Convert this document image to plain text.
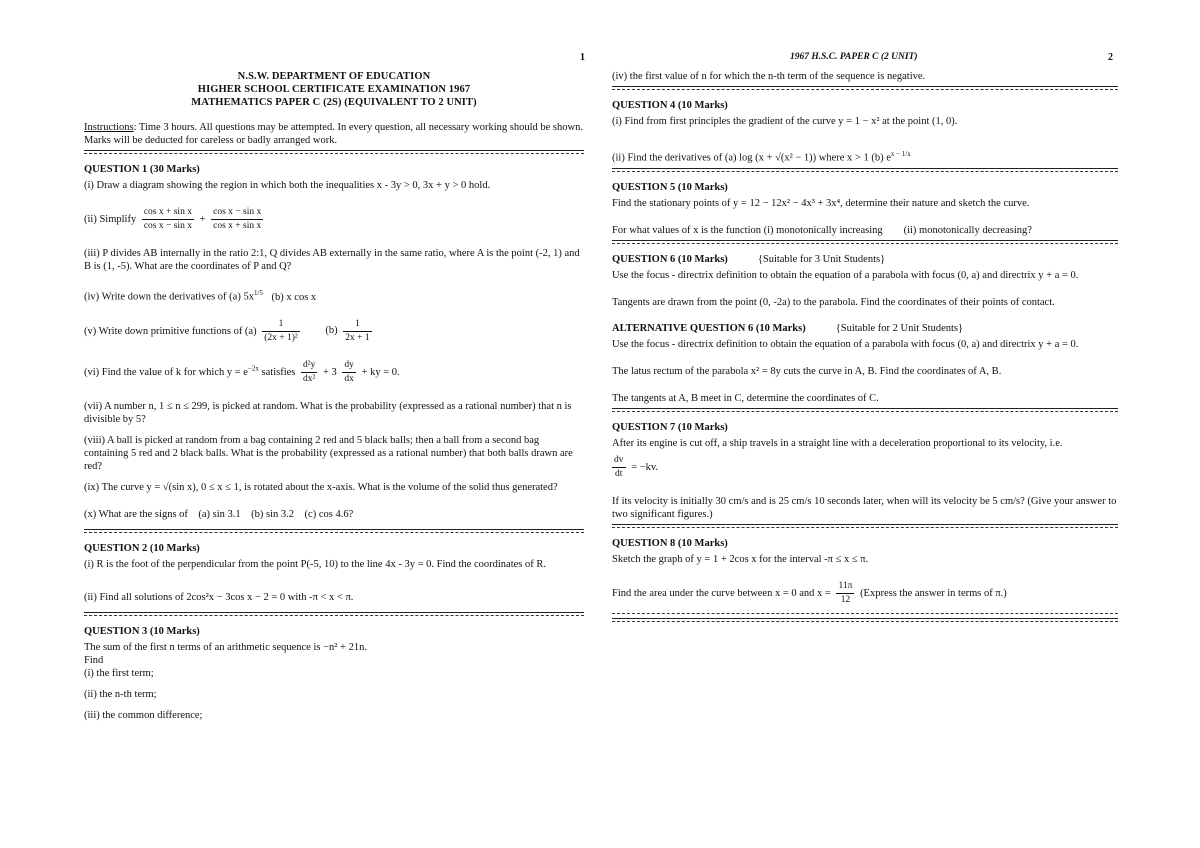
1	2
1967 H.S.C. PAPER C (2 UNIT)
N.S.W. DEPARTMENT OF EDUCATION
HIGHER SCHOOL CERTIFICATE EXAMINATION 1967
MATHEMATICS PAPER C (2S) (EQUIVALENT TO 2 UNIT)
Instructions: Time 3 hours. All questions may be attempted. In every question, all necessary working should be shown. Marks will be deducted for careless or badly arranged work.
QUESTION 1 (30 Marks)
(i) Draw a diagram showing the region in which both the inequalities x - 3y > 0, 3x + y > 0 hold.
(ii) Simplify $\frac{\text{cos x + sin x}}{\text{cos x − sin x}} + \frac{\text{cos x − sin x}}{\text{cos x + sin x}}$
(iii) P divides AB internally in the ratio 2:1, Q divides AB externally in the same ratio, where A is the point (-2, 1) and B is (1, -5). What are the coordinates of P and Q?
(iv) Write down the derivatives of (a) $5x^{1/5}$ (b) x cos x
(v) Write down primitive functions of $(a) \frac{1}{\text{(2x + 1)²}} (b) \frac{1}{2x + 1}$
(vi) Find the value of k for which $y = e^{-2x}$ satisfies $\frac{\text{d²y}}{\text{dx²}} + 3 \frac{dy}{dx}$ + ky = 0.
(vii) A number n, 1 ≤ n ≤ 299, is picked at random. What is the probability (expressed as a rational number) that n is divisible by 5?
(viii) A ball is picked at random from a bag containing 2 red and 5 black balls; then a ball from a second bag containing 5 red and 2 black balls. What is the probability (expressed as a rational number) that both balls drawn are red?
(ix) The curve y = √(sin x), 0 ≤ x ≤ 1, is rotated about the x-axis. What is the volume of the solid thus generated?
(x) What are the signs of    (a) sin 3.1    (b) sin 3.2    (c) cos 4.6?
QUESTION 2 (10 Marks)
(i) R is the foot of the perpendicular from the point P(-5, 10) to the line 4x - 3y = 0. Find the coordinates of R.
(ii) Find all solutions of 2cos²x − 3cos x − 2 = 0 with -π < x < π.
QUESTION 3 (10 Marks)
The sum of the first n terms of an arithmetic sequence is −n² + 21n.
Find
(i) the first term;
(ii) the n-th term;
(iii) the common difference;
(iv) the first value of n for which the n-th term of the sequence is negative.
QUESTION 4 (10 Marks)
(i) Find from first principles the gradient of the curve y = 1 − x² at the point (1, 0).
(ii) Find the derivatives of (a) log (x + √(x² − 1)) where x > 1 (b) $e^{x - 1/x}$
QUESTION 5 (10 Marks)
Find the stationary points of y = 12 − 12x² − 4x³ + 3x⁴, determine their nature and sketch the curve.
For what values of x is the function (i) monotonically increasing        (ii) monotonically decreasing?
QUESTION 6 (10 Marks)	{Suitable for 3 Unit Students}
Use the focus - directrix definition to obtain the equation of a parabola with focus (0, a) and directrix y + a = 0.
Tangents are drawn from the point (0, -2a) to the parabola. Find the coordinates of their points of contact.
ALTERNATIVE QUESTION 6 (10 Marks)	{Suitable for 2 Unit Students}
Use the focus - directrix definition to obtain the equation of a parabola with focus (0, a) and directrix y + a = 0.
The latus rectum of the parabola x² = 8y cuts the curve in A, B. Find the coordinates of A, B.
The tangents at A, B meet in C, determine the coordinates of C.
QUESTION 7 (10 Marks)
After its engine is cut off, a ship travels in a straight line with a deceleration proportional to its velocity, i.e.
$\frac{dv}{dt} = -kv$.
If its velocity is initially 30 cm/s and is 25 cm/s 10 seconds later, when will its velocity be 5 cm/s? (Give your answer to two significant figures.)
QUESTION 8 (10 Marks)
Sketch the graph of y = 1 + 2cos x for the interval -π ≤ x ≤ π.
Find the area under the curve between x = 0 and $x = \frac{11\pi}{12}$ (Express the answer in terms of π.)
